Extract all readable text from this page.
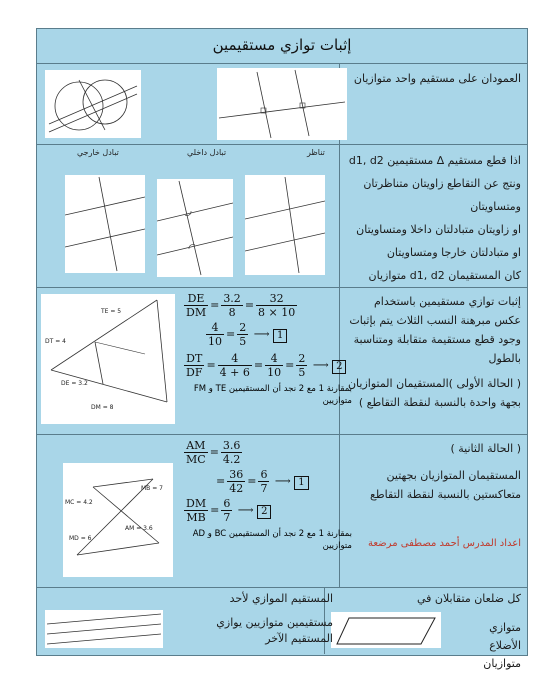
إثبات توازي مستقيمين

العمودان على مستقيم واحد متوازيان

اذا قطع مستقيم ∆ مستقيمين d1, d2

ونتج عن التقاطع زاويتان متناظرتان ومتساويتان

او زاويتان متبادلتان داخلا ومتساويتان

او متبادلتان خارجا ومتساويتان

كان المستقيمان d1, d2 متوازيان

تبادل خارجي	تبادل داخلي	تناظر

إثبات توازي مستقيمين باستخدام عكس مبرهنة النسب الثلاث يتم بإثبات وجود قطع مستقيمة متقابلة ومتناسبة بالطول

( الحالة الأولى )المستقيمان المتوازيان بجهة واحدة بالنسبة لنقطة التقاطع )

$\frac{DE}{DM} = \frac{3.2}{8} = \frac{32}{8 \times 10}$
$\frac{4}{10} = \frac{2}{5}$ ⟶ 1
$\frac{DT}{DF} = \frac{4}{4 + 6} = \frac{4}{10} = \frac{2}{5}$ ⟶ 2
بمقارنة 1 مع 2 نجد أن المستقيمين TE و FM متوازيين
TE = 5
DT = 4
DE = 3.2
DM = 8

( الحالة الثانية )

المستقيمان المتوازيان بجهتين متعاكستين بالنسبة لنقطة التقاطع

اعداد المدرس أحمد مصطفى مرضعة

$\frac{AM}{MC} = \frac{3.6}{4.2}$
= $\frac{36}{42} = \frac{6}{7}$ ⟶ 1
$\frac{DM}{MB} = \frac{6}{7}$ ⟶ 2
بمقارنة 1 مع 2 نجد أن المستقيمين BC و AD متوازيين
MC = 4.2
MB = 7
AM = 3.6
MD = 6
كل ضلعان متقابلان في
متوازي الأضلاع متوازيان
المستقيم الموازي لأحد
مستقيمين متوازيين يوازي المستقيم الآخر
